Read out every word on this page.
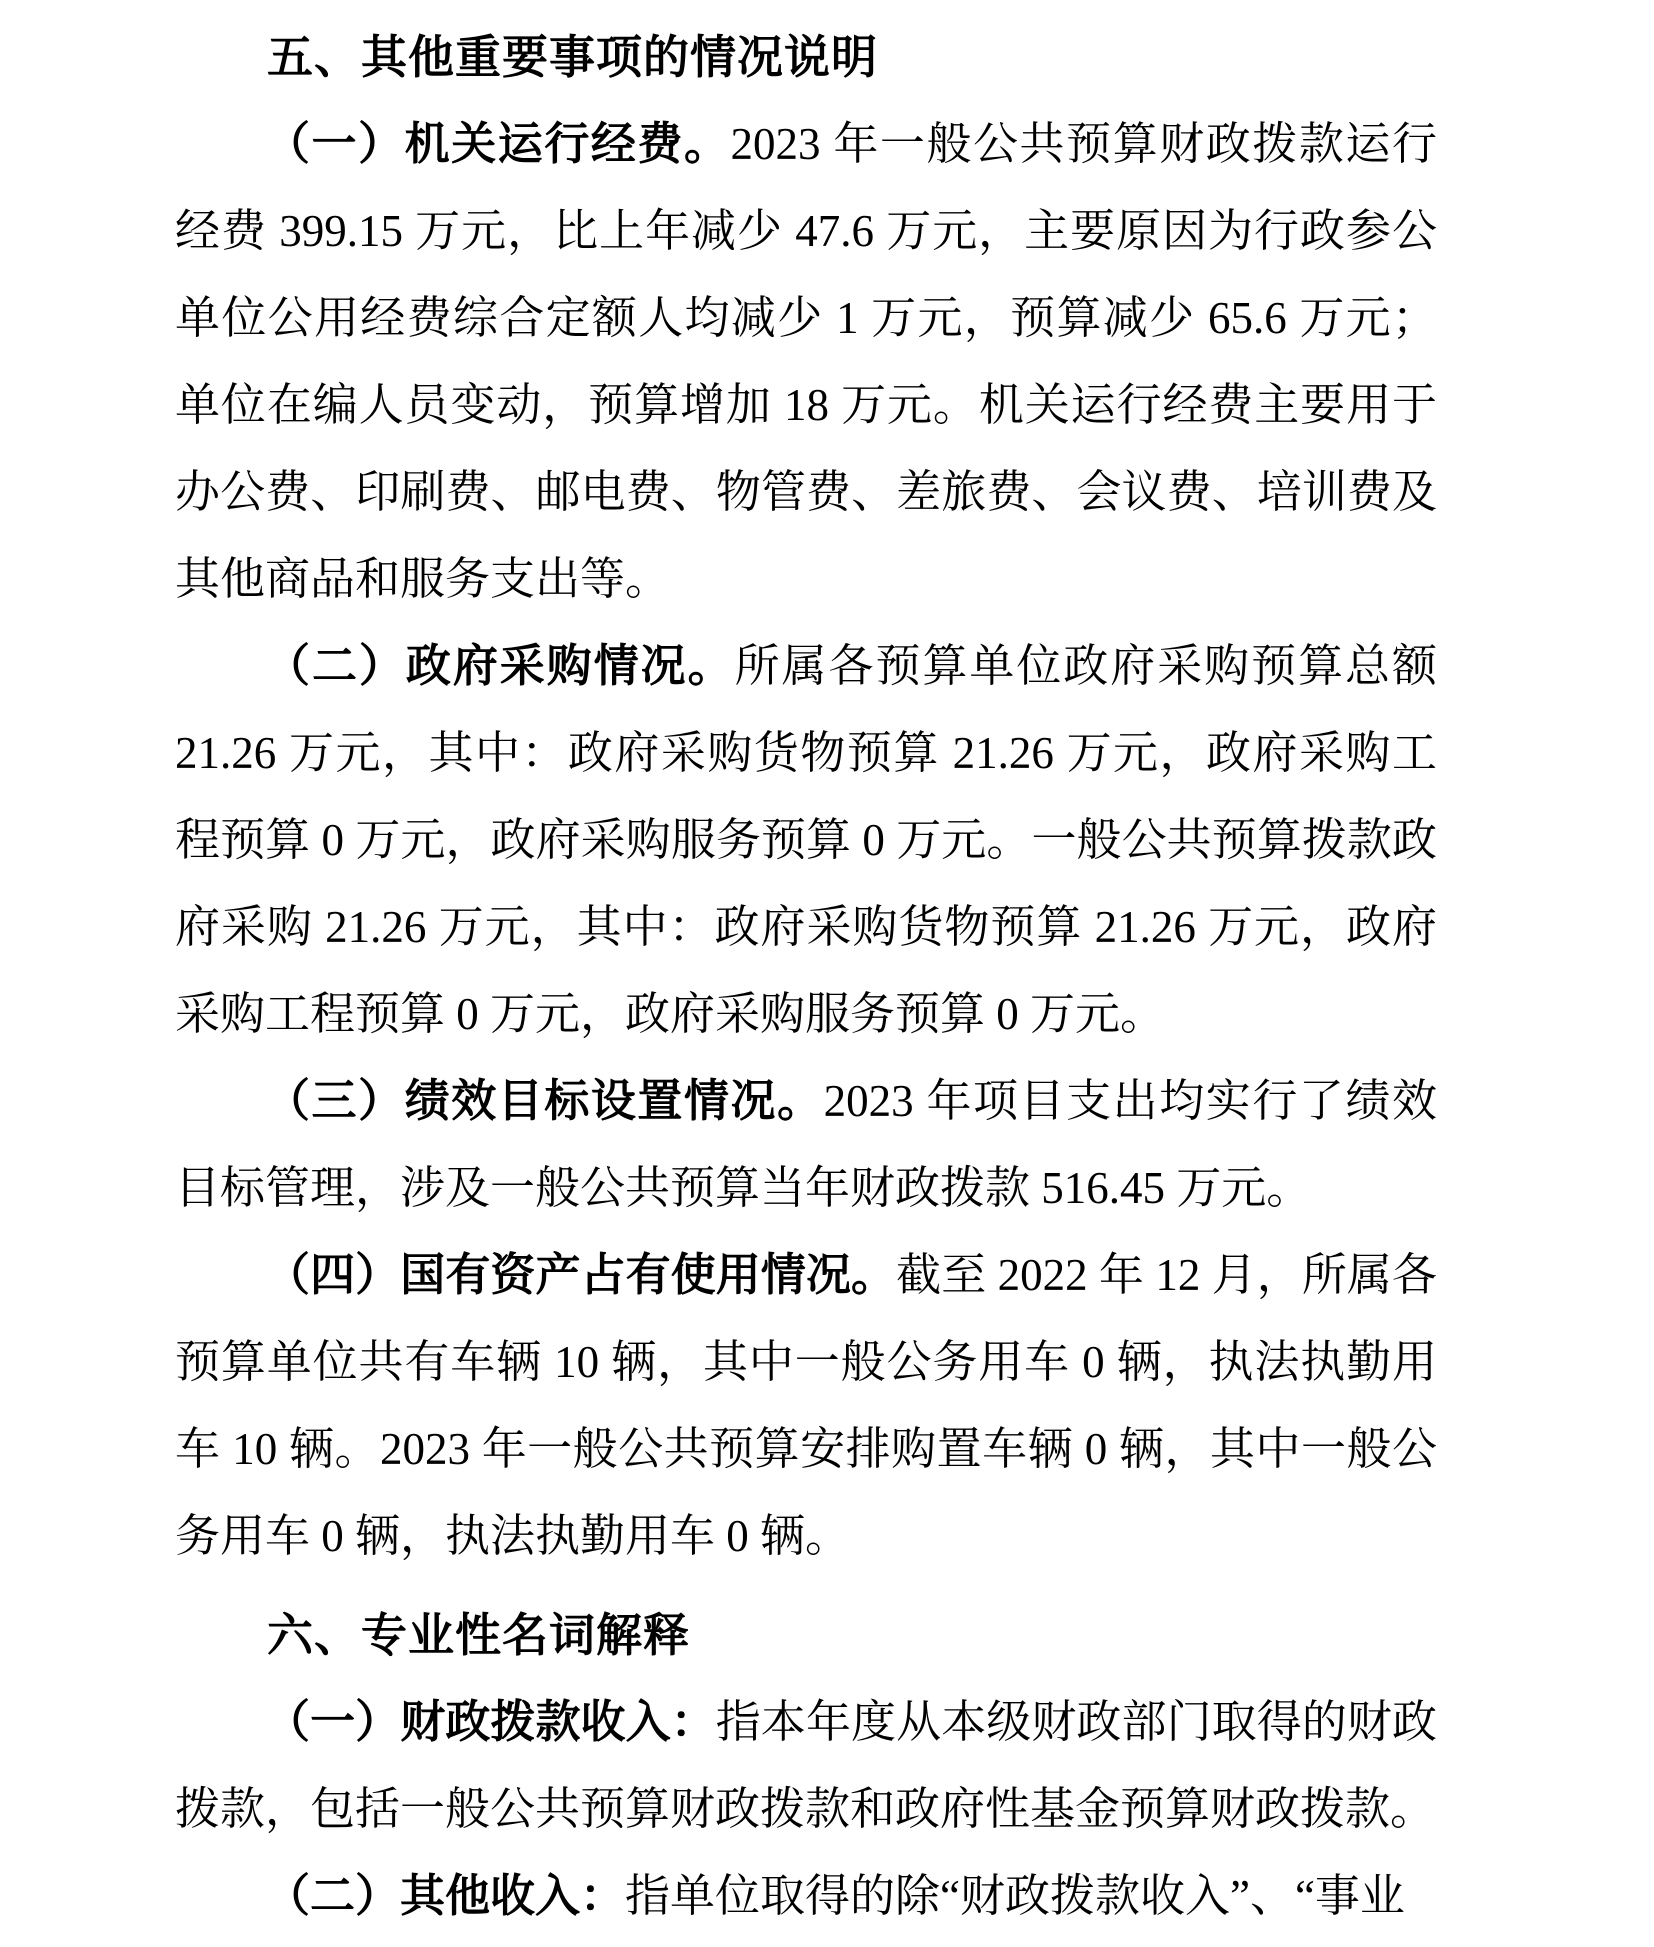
五、其他重要事项的情况说明

（一）机关运行经费。2023 年一般公共预算财政拨款运行经费 399.15 万元，比上年减少 47.6 万元，主要原因为行政参公单位公用经费综合定额人均减少 1 万元，预算减少 65.6 万元；单位在编人员变动，预算增加 18 万元。机关运行经费主要用于办公费、印刷费、邮电费、物管费、差旅费、会议费、培训费及其他商品和服务支出等。

（二）政府采购情况。所属各预算单位政府采购预算总额 21.26 万元，其中：政府采购货物预算 21.26 万元，政府采购工程预算 0 万元，政府采购服务预算 0 万元。一般公共预算拨款政府采购 21.26 万元，其中：政府采购货物预算 21.26 万元，政府采购工程预算 0 万元，政府采购服务预算 0 万元。

（三）绩效目标设置情况。2023 年项目支出均实行了绩效目标管理，涉及一般公共预算当年财政拨款 516.45 万元。

（四）国有资产占有使用情况。截至 2022 年 12 月，所属各预算单位共有车辆 10 辆，其中一般公务用车 0 辆，执法执勤用车 10 辆。2023 年一般公共预算安排购置车辆 0 辆，其中一般公务用车 0 辆，执法执勤用车 0 辆。

六、专业性名词解释

（一）财政拨款收入：指本年度从本级财政部门取得的财政拨款，包括一般公共预算财政拨款和政府性基金预算财政拨款。

（二）其他收入：指单位取得的除“财政拨款收入”、“事业
